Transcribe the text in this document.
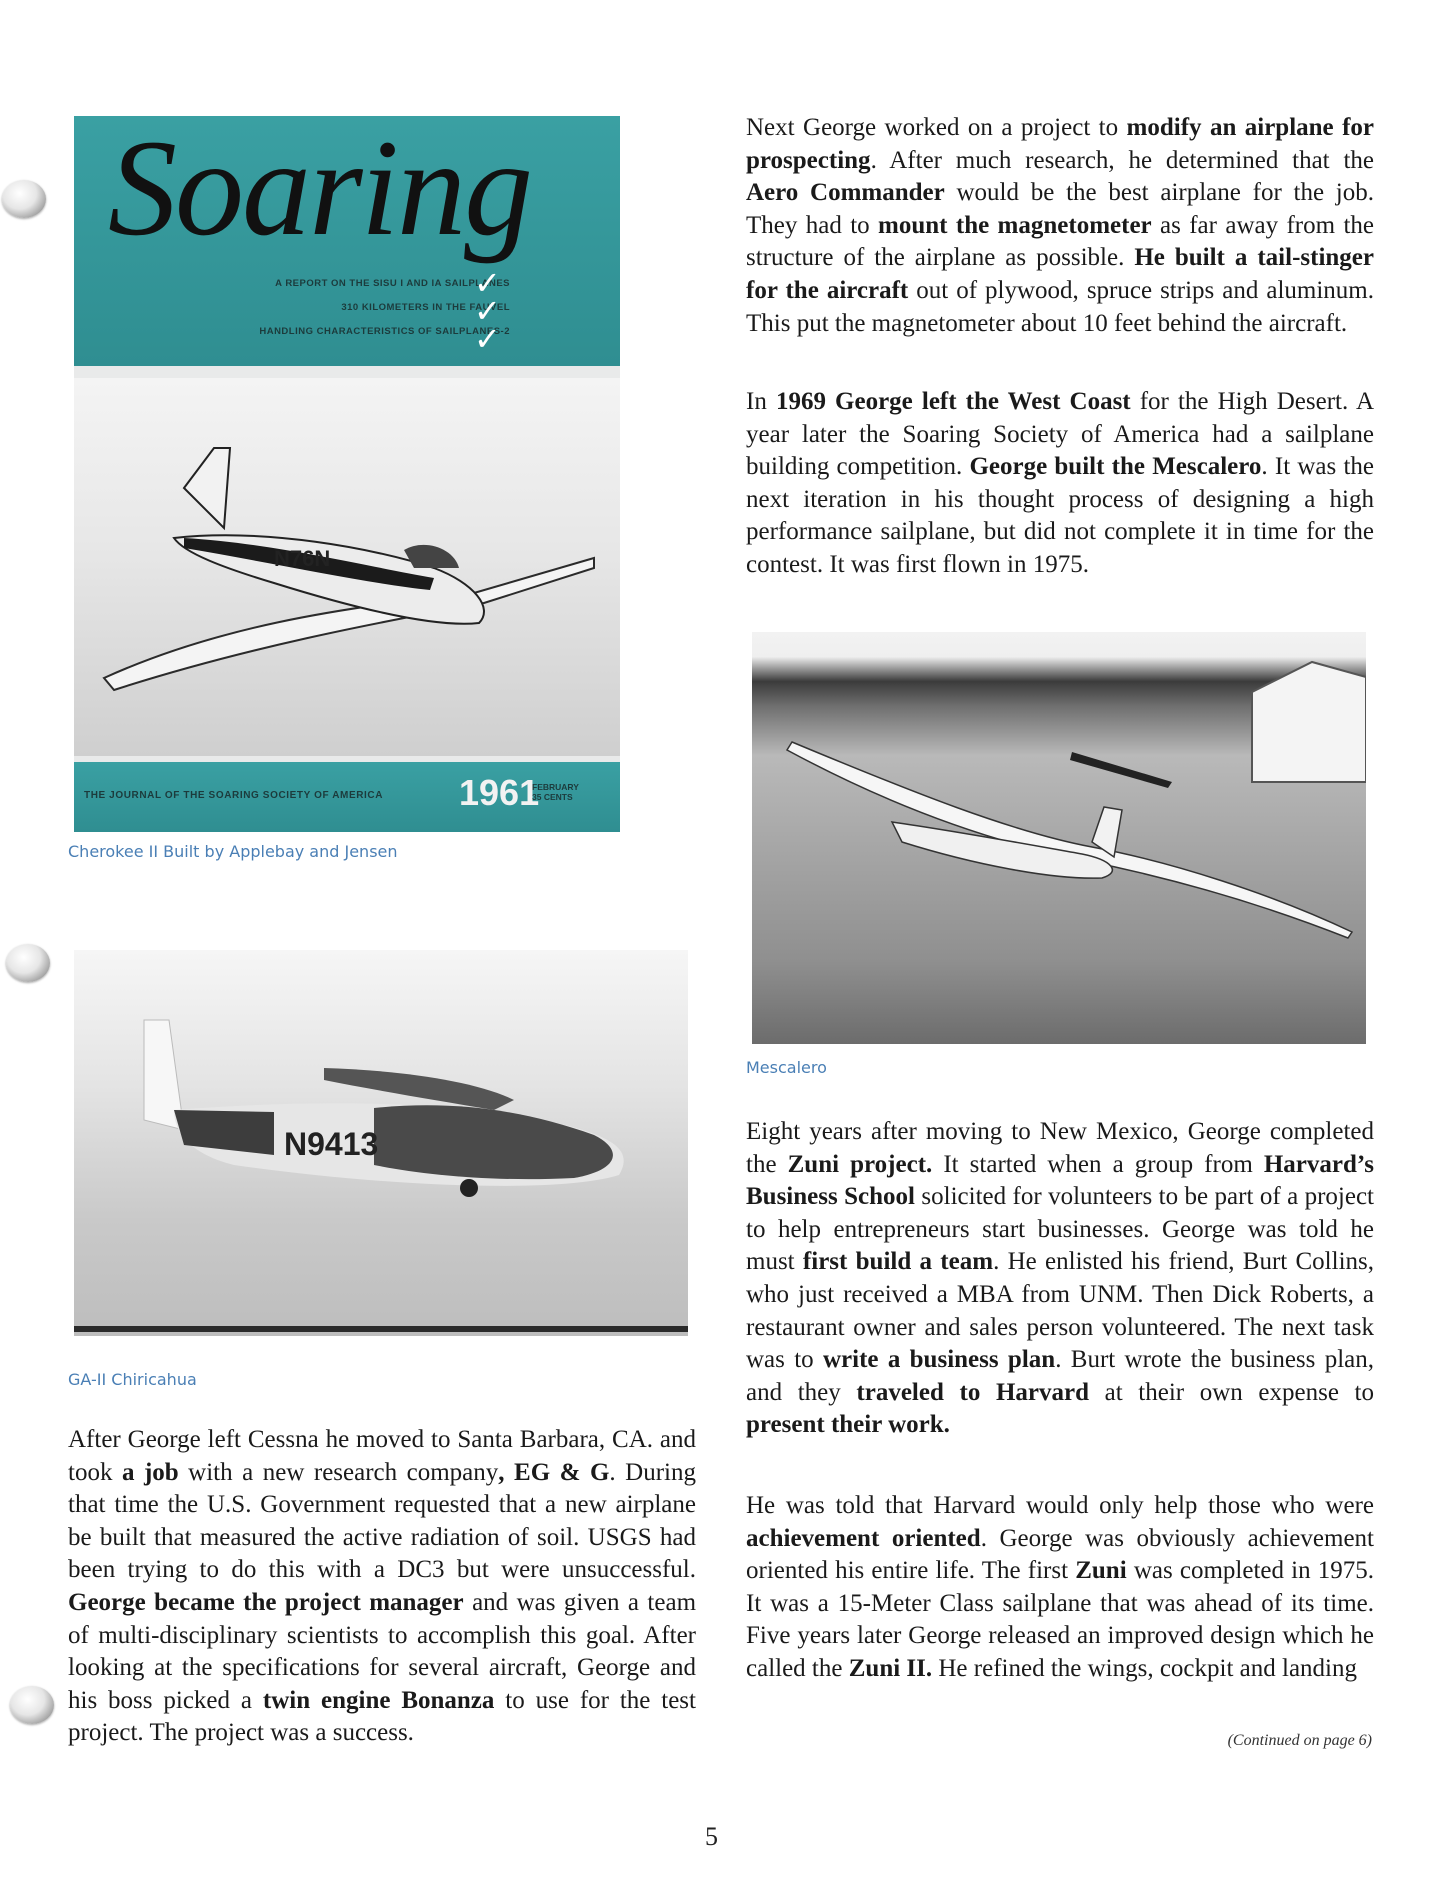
Soaring
A REPORT ON THE SISU I AND IA SAILPLANES
310 KILOMETERS IN THE FAUVEL
HANDLING CHARACTERISTICS OF SAILPLANES-2
✓
✓
✓
N76N
THE JOURNAL OF THE SOARING SOCIETY OF AMERICA 1961
FEBRUARY
35 CENTS
Cherokee II Built by Applebay and Jensen
N9413
GA-II Chiricahua
Mescalero

After George left Cessna he moved to Santa Barbara, CA. and took a job with a new research company, EG & G. During that time the U.S. Government requested that a new airplane be built that measured the active radiation of soil. USGS had been trying to do this with a DC3 but were unsuccessful. George became the project manager and was given a team of multi-disciplinary scientists to accomplish this goal. After looking at the specifications for several aircraft, George and his boss picked a twin engine Bonanza to use for the test project. The project was a success.

Next George worked on a project to modify an airplane for prospecting. After much research, he determined that the Aero Commander would be the best airplane for the job. They had to mount the magnetometer as far away from the structure of the airplane as possible. He built a tail-stinger for the aircraft out of plywood, spruce strips and aluminum. This put the magnetometer about 10 feet behind the aircraft.

In 1969 George left the West Coast for the High Desert. A year later the Soaring Society of America had a sailplane building competition. George built the Mescalero. It was the next iteration in his thought process of designing a high performance sailplane, but did not complete it in time for the contest. It was first flown in 1975.

Eight years after moving to New Mexico, George completed the Zuni project. It started when a group from Harvard’s Business School solicited for volunteers to be part of a project to help entrepreneurs start businesses. George was told he must first build a team. He enlisted his friend, Burt Collins, who just received a MBA from UNM. Then Dick Roberts, a restaurant owner and sales person volunteered. The next task was to write a business plan. Burt wrote the business plan, and they traveled to Harvard at their own expense to present their work.

He was told that Harvard would only help those who were achievement oriented. George was obviously achievement oriented his entire life. The first Zuni was completed in 1975. It was a 15-Meter Class sailplane that was ahead of its time. Five years later George released an improved design which he called the Zuni II. He refined the wings, cockpit and landing

(Continued on page 6)
5
